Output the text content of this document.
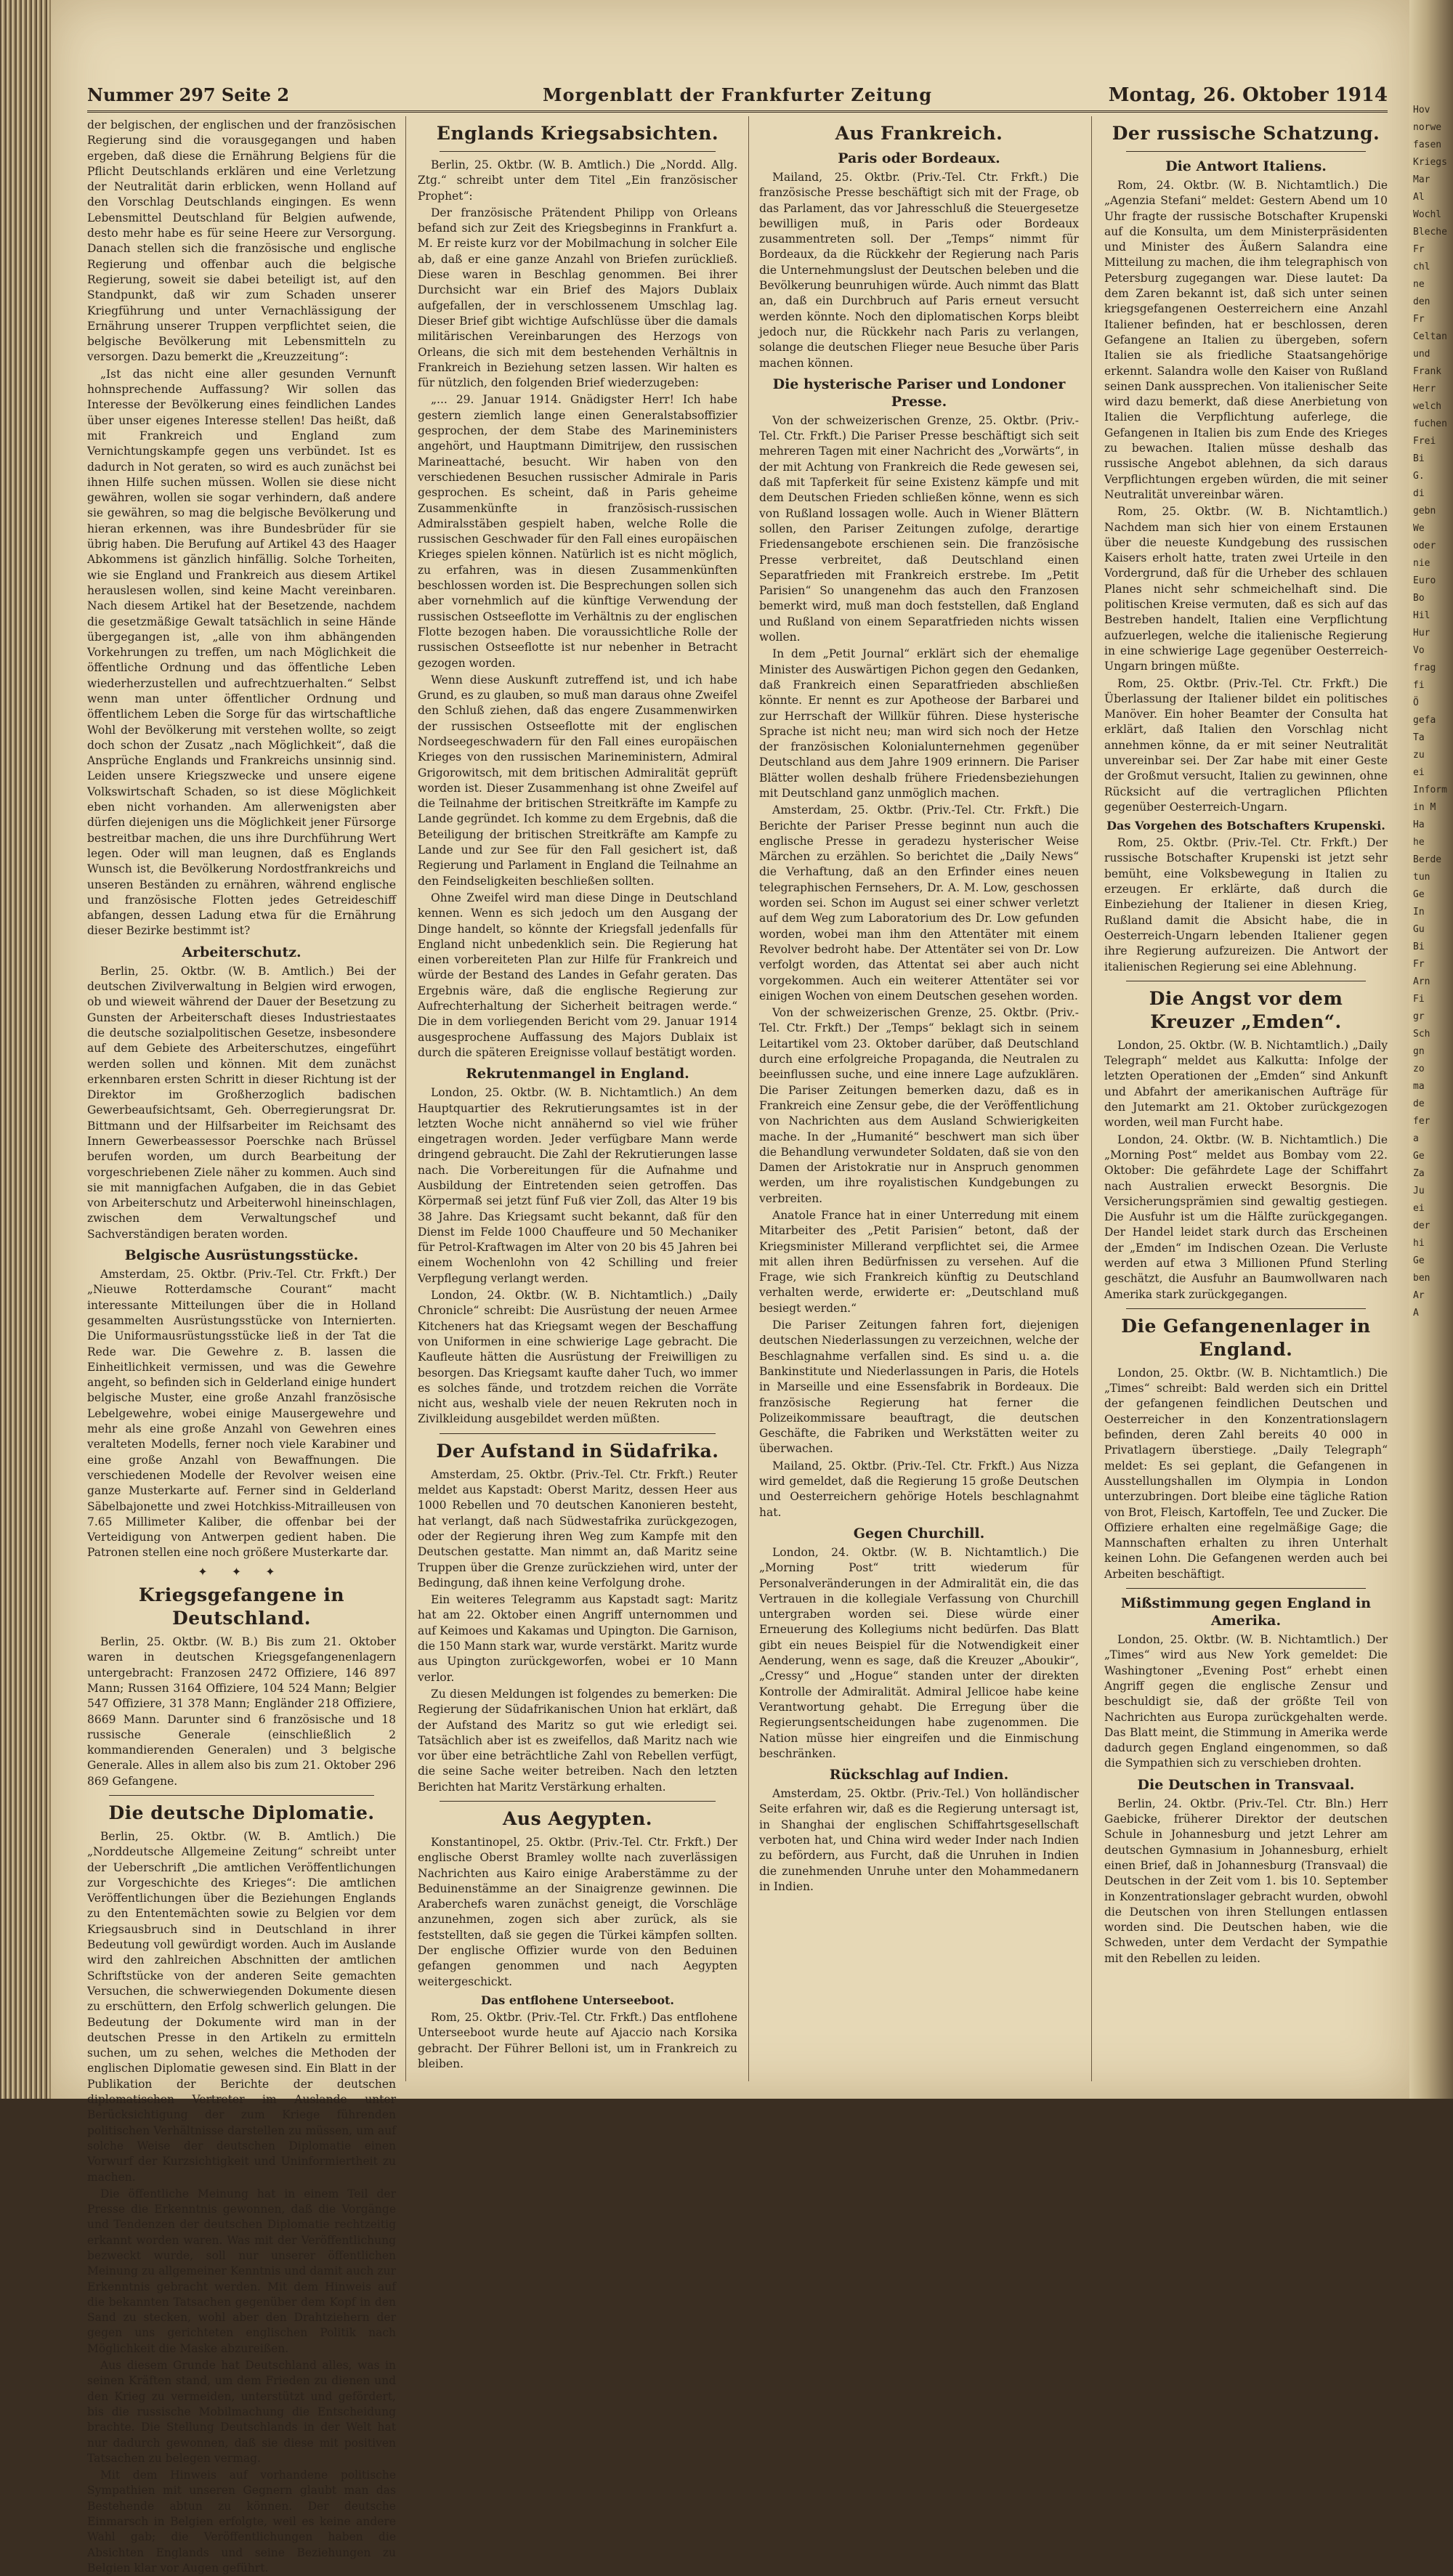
Nummer 297 Seite 2	Morgenblatt der Frankfurter Zeitung	Montag, 26. Oktober 1914

der belgischen, der englischen und der französischen Regierung sind die vorausgegangen und haben ergeben, daß diese die Ernährung Belgiens für die Pflicht Deutschlands erklären und eine Verletzung der Neutralität darin erblicken, wenn Holland auf den Vorschlag Deutschlands eingingen. Es wenn Lebensmittel Deutschland für Belgien aufwende, desto mehr habe es für seine Heere zur Versorgung. Danach stellen sich die französische und englische Regierung und offenbar auch die belgische Regierung, soweit sie dabei beteiligt ist, auf den Standpunkt, daß wir zum Schaden unserer Kriegführung und unter Vernachlässigung der Ernährung unserer Truppen verpflichtet seien, die belgische Bevölkerung mit Lebensmitteln zu versorgen. Dazu bemerkt die „Kreuzzeitung“:

„Ist das nicht eine aller gesunden Vernunft hohnsprechende Auffassung? Wir sollen das Interesse der Bevölkerung eines feindlichen Landes über unser eigenes Interesse stellen! Das heißt, daß mit Frankreich und England zum Vernichtungskampfe gegen uns verbündet. Ist es dadurch in Not geraten, so wird es auch zunächst bei ihnen Hilfe suchen müssen. Wollen sie diese nicht gewähren, wollen sie sogar verhindern, daß andere sie gewähren, so mag die belgische Bevölkerung und hieran erkennen, was ihre Bundesbrüder für sie übrig haben. Die Berufung auf Artikel 43 des Haager Abkommens ist gänzlich hinfällig. Solche Torheiten, wie sie England und Frankreich aus diesem Artikel herauslesen wollen, sind keine Macht vereinbaren. Nach diesem Artikel hat der Besetzende, nachdem die gesetzmäßige Gewalt tatsächlich in seine Hände übergegangen ist, „alle von ihm abhängenden Vorkehrungen zu treffen, um nach Möglichkeit die öffentliche Ordnung und das öffentliche Leben wiederherzustellen und aufrechtzuerhalten.“ Selbst wenn man unter öffentlicher Ordnung und öffentlichem Leben die Sorge für das wirtschaftliche Wohl der Bevölkerung mit verstehen wollte, so zeigt doch schon der Zusatz „nach Möglichkeit“, daß die Ansprüche Englands und Frankreichs unsinnig sind. Leiden unsere Kriegszwecke und unsere eigene Volkswirtschaft Schaden, so ist diese Möglichkeit eben nicht vorhanden. Am allerwenigsten aber dürfen diejenigen uns die Möglichkeit jener Fürsorge bestreitbar machen, die uns ihre Durchführung Wert legen. Oder will man leugnen, daß es Englands Wunsch ist, die Bevölkerung Nordostfrankreichs und unseren Beständen zu ernähren, während englische und französische Flotten jedes Getreideschiff abfangen, dessen Ladung etwa für die Ernährung dieser Bezirke bestimmt ist?

Arbeiterschutz.

Berlin, 25. Oktbr. (W. B. Amtlich.) Bei der deutschen Zivilverwaltung in Belgien wird erwogen, ob und wieweit während der Dauer der Besetzung zu Gunsten der Arbeiterschaft dieses Industriestaates die deutsche sozialpolitischen Gesetze, insbesondere auf dem Gebiete des Arbeiterschutzes, eingeführt werden sollen und können. Mit dem zunächst erkennbaren ersten Schritt in dieser Richtung ist der Direktor im Großherzoglich badischen Gewerbeaufsichtsamt, Geh. Oberregierungsrat Dr. Bittmann und der Hilfsarbeiter im Reichsamt des Innern Gewerbeassessor Poerschke nach Brüssel berufen worden, um durch Bearbeitung der vorgeschriebenen Ziele näher zu kommen. Auch sind sie mit mannigfachen Aufgaben, die in das Gebiet von Arbeiterschutz und Arbeiterwohl hineinschlagen, zwischen dem Verwaltungschef und Sachverständigen beraten worden.

Belgische Ausrüstungsstücke.

Amsterdam, 25. Oktbr. (Priv.-Tel. Ctr. Frkft.) Der „Nieuwe Rotterdamsche Courant“ macht interessante Mitteilungen über die in Holland gesammelten Ausrüstungsstücke von Internierten. Die Uniformausrüstungsstücke ließ in der Tat die Rede war. Die Gewehre z. B. lassen die Einheitlichkeit vermissen, und was die Gewehre angeht, so befinden sich in Gelderland einige hundert belgische Muster, eine große Anzahl französische Lebelgewehre, wobei einige Mausergewehre und mehr als eine große Anzahl von Gewehren eines veralteten Modells, ferner noch viele Karabiner und eine große Anzahl von Bewaffnungen. Die verschiedenen Modelle der Revolver weisen eine ganze Musterkarte auf. Ferner sind in Gelderland Säbelbajonette und zwei Hotchkiss-Mitrailleusen von 7.65 Millimeter Kaliber, die offenbar bei der Verteidigung von Antwerpen gedient haben. Die Patronen stellen eine noch größere Musterkarte dar.

✦ ✦ ✦
Kriegsgefangene in Deutschland.

Berlin, 25. Oktbr. (W. B.) Bis zum 21. Oktober waren in deutschen Kriegsgefangenenlagern untergebracht: Franzosen 2472 Offiziere, 146 897 Mann; Russen 3164 Offiziere, 104 524 Mann; Belgier 547 Offiziere, 31 378 Mann; Engländer 218 Offiziere, 8669 Mann. Darunter sind 6 französische und 18 russische Generale (einschließlich 2 kommandierenden Generalen) und 3 belgische Generale. Alles in allem also bis zum 21. Oktober 296 869 Gefangene.

Die deutsche Diplomatie.

Berlin, 25. Oktbr. (W. B. Amtlich.) Die „Norddeutsche Allgemeine Zeitung“ schreibt unter der Ueberschrift „Die amtlichen Veröffentlichungen zur Vorgeschichte des Krieges“: Die amtlichen Veröffentlichungen über die Beziehungen Englands zu den Ententemächten sowie zu Belgien vor dem Kriegsausbruch sind in Deutschland in ihrer Bedeutung voll gewürdigt worden. Auch im Auslande wird den zahlreichen Abschnitten der amtlichen Schriftstücke von der anderen Seite gemachten Versuchen, die schwerwiegenden Dokumente diesen zu erschüttern, den Erfolg schwerlich gelungen. Die Bedeutung der Dokumente wird man in der deutschen Presse in den Artikeln zu ermitteln suchen, um zu sehen, welches die Methoden der englischen Diplomatie gewesen sind. Ein Blatt in der Publikation der Berichte der deutschen diplomatischen Vertreter im Auslande unter Berücksichtigung der zum Kriege führenden politischen Verhältnisse darstellen zu müssen, um auf solche Weise der deutschen Diplomatie einen Vorwurf der Kurzsichtigkeit und Uninformiertheit zu machen.

Die öffentliche Meinung hat in einem Teil der Presse die Erkenntnis gewonnen, daß die Vorgänge und Tendenzen der deutschen Diplomatie rechtzeitig erkannt worden waren. Was mit der Veröffentlichung bezweckt wurde, soll nur unserer öffentlichen Meinung zu allgemeiner Kenntnis und damit auch zur Erkenntnis gebracht werden. Mit dem Hinweis auf die bekannten Tatsachen gegenüber dem Kopf in den Sand zu stecken, wohl aber den Drahtziehern der gegen uns gerichteten englischen Politik nach Möglichkeit die Maske abzureißen.

Aus diesem Grunde hat Deutschland alles, was in seinen Kräften stand, um dem Frieden zu dienen und den Krieg zu vermeiden, unterstützt und gefördert, bis die russische Mobilmachung die Entscheidung brachte. Die Stellung Deutschlands in der Welt hat nur dadurch gewonnen, daß sie diese mit positiven Tatsachen zu belegen vermag.

Mit dem Hinweis auf vorhandene politische Sympathien mit unseren Gegnern glaubt man das Bestehende abtun zu können. Der deutsche Einmarsch in Belgien erfolgte, weil es keine andere Wahl gab; die Veröffentlichungen haben die Absichten Englands und seine Beziehungen zu Belgien klar vor Augen geführt.

Englands Kriegsabsichten.

Berlin, 25. Oktbr. (W. B. Amtlich.) Die „Nordd. Allg. Ztg.“ schreibt unter dem Titel „Ein französischer Prophet“:

Der französische Prätendent Philipp von Orleans befand sich zur Zeit des Kriegsbeginns in Frankfurt a. M. Er reiste kurz vor der Mobilmachung in solcher Eile ab, daß er eine ganze Anzahl von Briefen zurückließ. Diese waren in Beschlag genommen. Bei ihrer Durchsicht war ein Brief des Majors Dublaix aufgefallen, der in verschlossenem Umschlag lag. Dieser Brief gibt wichtige Aufschlüsse über die damals militärischen Vereinbarungen des Herzogs von Orleans, die sich mit dem bestehenden Verhältnis in Frankreich in Beziehung setzen lassen. Wir halten es für nützlich, den folgenden Brief wiederzugeben:

„... 29. Januar 1914. Gnädigster Herr! Ich habe gestern ziemlich lange einen Generalstabsoffizier gesprochen, der dem Stabe des Marineministers angehört, und Hauptmann Dimitrijew, den russischen Marineattaché, besucht. Wir haben von den verschiedenen Besuchen russischer Admirale in Paris gesprochen. Es scheint, daß in Paris geheime Zusammenkünfte in französisch-russischen Admiralsstäben gespielt haben, welche Rolle die russischen Geschwader für den Fall eines europäischen Krieges spielen können. Natürlich ist es nicht möglich, zu erfahren, was in diesen Zusammenkünften beschlossen worden ist. Die Besprechungen sollen sich aber vornehmlich auf die künftige Verwendung der russischen Ostseeflotte im Verhältnis zu der englischen Flotte bezogen haben. Die voraussichtliche Rolle der russischen Ostseeflotte ist nur nebenher in Betracht gezogen worden.

Wenn diese Auskunft zutreffend ist, und ich habe Grund, es zu glauben, so muß man daraus ohne Zweifel den Schluß ziehen, daß das engere Zusammenwirken der russischen Ostseeflotte mit der englischen Nordseegeschwadern für den Fall eines europäischen Krieges von den russischen Marineministern, Admiral Grigorowitsch, mit dem britischen Admiralität geprüft worden ist. Dieser Zusammenhang ist ohne Zweifel auf die Teilnahme der britischen Streitkräfte im Kampfe zu Lande gegründet. Ich komme zu dem Ergebnis, daß die Beteiligung der britischen Streitkräfte am Kampfe zu Lande und zur See für den Fall gesichert ist, daß Regierung und Parlament in England die Teilnahme an den Feindseligkeiten beschließen sollten.

Ohne Zweifel wird man diese Dinge in Deutschland kennen. Wenn es sich jedoch um den Ausgang der Dinge handelt, so könnte der Kriegsfall jedenfalls für England nicht unbedenklich sein. Die Regierung hat einen vorbereiteten Plan zur Hilfe für Frankreich und würde der Bestand des Landes in Gefahr geraten. Das Ergebnis wäre, daß die englische Regierung zur Aufrechterhaltung der Sicherheit beitragen werde.“ Die in dem vorliegenden Bericht vom 29. Januar 1914 ausgesprochene Auffassung des Majors Dublaix ist durch die späteren Ereignisse vollauf bestätigt worden.

Rekrutenmangel in England.

London, 25. Oktbr. (W. B. Nichtamtlich.) An dem Hauptquartier des Rekrutierungsamtes ist in der letzten Woche nicht annähernd so viel wie früher eingetragen worden. Jeder verfügbare Mann werde dringend gebraucht. Die Zahl der Rekrutierungen lasse nach. Die Vorbereitungen für die Aufnahme und Ausbildung der Eintretenden seien getroffen. Das Körpermaß sei jetzt fünf Fuß vier Zoll, das Alter 19 bis 38 Jahre. Das Kriegsamt sucht bekannt, daß für den Dienst im Felde 1000 Chauffeure und 50 Mechaniker für Petrol-Kraftwagen im Alter von 20 bis 45 Jahren bei einem Wochenlohn von 42 Schilling und freier Verpflegung verlangt werden.

London, 24. Oktbr. (W. B. Nichtamtlich.) „Daily Chronicle“ schreibt: Die Ausrüstung der neuen Armee Kitcheners hat das Kriegsamt wegen der Beschaffung von Uniformen in eine schwierige Lage gebracht. Die Kaufleute hätten die Ausrüstung der Freiwilligen zu besorgen. Das Kriegsamt kaufte daher Tuch, wo immer es solches fände, und trotzdem reichen die Vorräte nicht aus, weshalb viele der neuen Rekruten noch in Zivilkleidung ausgebildet werden müßten.

Der Aufstand in Südafrika.

Amsterdam, 25. Oktbr. (Priv.-Tel. Ctr. Frkft.) Reuter meldet aus Kapstadt: Oberst Maritz, dessen Heer aus 1000 Rebellen und 70 deutschen Kanonieren besteht, hat verlangt, daß nach Südwestafrika zurückgezogen, oder der Regierung ihren Weg zum Kampfe mit den Deutschen gestatte. Man nimmt an, daß Maritz seine Truppen über die Grenze zurückziehen wird, unter der Bedingung, daß ihnen keine Verfolgung drohe.

Ein weiteres Telegramm aus Kapstadt sagt: Maritz hat am 22. Oktober einen Angriff unternommen und auf Keimoes und Kakamas und Upington. Die Garnison, die 150 Mann stark war, wurde verstärkt. Maritz wurde aus Upington zurückgeworfen, wobei er 10 Mann verlor.

Zu diesen Meldungen ist folgendes zu bemerken: Die Regierung der Südafrikanischen Union hat erklärt, daß der Aufstand des Maritz so gut wie erledigt sei. Tatsächlich aber ist es zweifellos, daß Maritz nach wie vor über eine beträchtliche Zahl von Rebellen verfügt, die seine Sache weiter betreiben. Nach den letzten Berichten hat Maritz Verstärkung erhalten.

Aus Aegypten.

Konstantinopel, 25. Oktbr. (Priv.-Tel. Ctr. Frkft.) Der englische Oberst Bramley wollte nach zuverlässigen Nachrichten aus Kairo einige Araberstämme zu der Beduinenstämme an der Sinaigrenze gewinnen. Die Araberchefs waren zunächst geneigt, die Vorschläge anzunehmen, zogen sich aber zurück, als sie feststellten, daß sie gegen die Türkei kämpfen sollten. Der englische Offizier wurde von den Beduinen gefangen genommen und nach Aegypten weitergeschickt.

Das entflohene Unterseeboot.

Rom, 25. Oktbr. (Priv.-Tel. Ctr. Frkft.) Das entflohene Unterseeboot wurde heute auf Ajaccio nach Korsika gebracht. Der Führer Belloni ist, um in Frankreich zu bleiben.

Aus Frankreich.
Paris oder Bordeaux.

Mailand, 25. Oktbr. (Priv.-Tel. Ctr. Frkft.) Die französische Presse beschäftigt sich mit der Frage, ob das Parlament, das vor Jahresschluß die Steuergesetze bewilligen muß, in Paris oder Bordeaux zusammentreten soll. Der „Temps“ nimmt für Bordeaux, da die Rückkehr der Regierung nach Paris die Unternehmungslust der Deutschen beleben und die Bevölkerung beunruhigen würde. Auch nimmt das Blatt an, daß ein Durchbruch auf Paris erneut versucht werden könnte. Noch den diplomatischen Korps bleibt jedoch nur, die Rückkehr nach Paris zu verlangen, solange die deutschen Flieger neue Besuche über Paris machen können.

Die hysterische Pariser und Londoner Presse.

Von der schweizerischen Grenze, 25. Oktbr. (Priv.-Tel. Ctr. Frkft.) Die Pariser Presse beschäftigt sich seit mehreren Tagen mit einer Nachricht des „Vorwärts“, in der mit Achtung von Frankreich die Rede gewesen sei, daß mit Tapferkeit für seine Existenz kämpfe und mit dem Deutschen Frieden schließen könne, wenn es sich von Rußland lossagen wolle. Auch in Wiener Blättern sollen, den Pariser Zeitungen zufolge, derartige Friedensangebote erschienen sein. Die französische Presse verbreitet, daß Deutschland einen Separatfrieden mit Frankreich erstrebe. Im „Petit Parisien“ So unangenehm das auch den Franzosen bemerkt wird, muß man doch feststellen, daß England und Rußland von einem Separatfrieden nichts wissen wollen.

In dem „Petit Journal“ erklärt sich der ehemalige Minister des Auswärtigen Pichon gegen den Gedanken, daß Frankreich einen Separatfrieden abschließen könnte. Er nennt es zur Apotheose der Barbarei und zur Herrschaft der Willkür führen. Diese hysterische Sprache ist nicht neu; man wird sich noch der Hetze der französischen Kolonialunternehmen gegenüber Deutschland aus dem Jahre 1909 erinnern. Die Pariser Blätter wollen deshalb frühere Friedensbeziehungen mit Deutschland ganz unmöglich machen.

Amsterdam, 25. Oktbr. (Priv.-Tel. Ctr. Frkft.) Die Berichte der Pariser Presse beginnt nun auch die englische Presse in geradezu hysterischer Weise Märchen zu erzählen. So berichtet die „Daily News“ die Verhaftung, daß an den Erfinder eines neuen telegraphischen Fernsehers, Dr. A. M. Low, geschossen worden sei. Schon im August sei einer schwer verletzt auf dem Weg zum Laboratorium des Dr. Low gefunden worden, wobei man ihm den Attentäter mit einem Revolver bedroht habe. Der Attentäter sei von Dr. Low verfolgt worden, das Attentat sei aber auch nicht vorgekommen. Auch ein weiterer Attentäter sei vor einigen Wochen von einem Deutschen gesehen worden.

Von der schweizerischen Grenze, 25. Oktbr. (Priv.-Tel. Ctr. Frkft.) Der „Temps“ beklagt sich in seinem Leitartikel vom 23. Oktober darüber, daß Deutschland durch eine erfolgreiche Propaganda, die Neutralen zu beeinflussen suche, und eine innere Lage aufzuklären. Die Pariser Zeitungen bemerken dazu, daß es in Frankreich eine Zensur gebe, die der Veröffentlichung von Nachrichten aus dem Ausland Schwierigkeiten mache. In der „Humanité“ beschwert man sich über die Behandlung verwundeter Soldaten, daß sie von den Damen der Aristokratie nur in Anspruch genommen werden, um ihre royalistischen Kundgebungen zu verbreiten.

Anatole France hat in einer Unterredung mit einem Mitarbeiter des „Petit Parisien“ betont, daß der Kriegsminister Millerand verpflichtet sei, die Armee mit allen ihren Bedürfnissen zu versehen. Auf die Frage, wie sich Frankreich künftig zu Deutschland verhalten werde, erwiderte er: „Deutschland muß besiegt werden.“

Die Pariser Zeitungen fahren fort, diejenigen deutschen Niederlassungen zu verzeichnen, welche der Beschlagnahme verfallen sind. Es sind u. a. die Bankinstitute und Niederlassungen in Paris, die Hotels in Marseille und eine Essensfabrik in Bordeaux. Die französische Regierung hat ferner die Polizeikommissare beauftragt, die deutschen Geschäfte, die Fabriken und Werkstätten weiter zu überwachen.

Mailand, 25. Oktbr. (Priv.-Tel. Ctr. Frkft.) Aus Nizza wird gemeldet, daß die Regierung 15 große Deutschen und Oesterreichern gehörige Hotels beschlagnahmt hat.

Gegen Churchill.

London, 24. Oktbr. (W. B. Nichtamtlich.) Die „Morning Post“ tritt wiederum für Personalveränderungen in der Admiralität ein, die das Vertrauen in die kollegiale Verfassung von Churchill untergraben worden sei. Diese würde einer Erneuerung des Kollegiums nicht bedürfen. Das Blatt gibt ein neues Beispiel für die Notwendigkeit einer Aenderung, wenn es sage, daß die Kreuzer „Aboukir“, „Cressy“ und „Hogue“ standen unter der direkten Kontrolle der Admiralität. Admiral Jellicoe habe keine Verantwortung gehabt. Die Erregung über die Regierungsentscheidungen habe zugenommen. Die Nation müsse hier eingreifen und die Einmischung beschränken.

Rückschlag auf Indien.

Amsterdam, 25. Oktbr. (Priv.-Tel.) Von holländischer Seite erfahren wir, daß es die Regierung untersagt ist, in Shanghai der englischen Schiffahrtsgesellschaft verboten hat, und China wird weder Inder nach Indien zu befördern, aus Furcht, daß die Unruhen in Indien die zunehmenden Unruhe unter den Mohammedanern in Indien.

Der russische Schatzung.
Die Antwort Italiens.

Rom, 24. Oktbr. (W. B. Nichtamtlich.) Die „Agenzia Stefani“ meldet: Gestern Abend um 10 Uhr fragte der russische Botschafter Krupenski auf die Konsulta, um dem Ministerpräsidenten und Minister des Äußern Salandra eine Mitteilung zu machen, die ihm telegraphisch von Petersburg zugegangen war. Diese lautet: Da dem Zaren bekannt ist, daß sich unter seinen kriegsgefangenen Oesterreichern eine Anzahl Italiener befinden, hat er beschlossen, deren Gefangene an Italien zu übergeben, sofern Italien sie als friedliche Staatsangehörige erkennt. Salandra wolle den Kaiser von Rußland seinen Dank aussprechen. Von italienischer Seite wird dazu bemerkt, daß diese Anerbietung von Italien die Verpflichtung auferlege, die Gefangenen in Italien bis zum Ende des Krieges zu bewachen. Italien müsse deshalb das russische Angebot ablehnen, da sich daraus Verpflichtungen ergeben würden, die mit seiner Neutralität unvereinbar wären.

Rom, 25. Oktbr. (W. B. Nichtamtlich.) Nachdem man sich hier von einem Erstaunen über die neueste Kundgebung des russischen Kaisers erholt hatte, traten zwei Urteile in den Vordergrund, daß für die Urheber des schlauen Planes nicht sehr schmeichelhaft sind. Die politischen Kreise vermuten, daß es sich auf das Bestreben handelt, Italien eine Verpflichtung aufzuerlegen, welche die italienische Regierung in eine schwierige Lage gegenüber Oesterreich-Ungarn bringen müßte.

Rom, 25. Oktbr. (Priv.-Tel. Ctr. Frkft.) Die Überlassung der Italiener bildet ein politisches Manöver. Ein hoher Beamter der Consulta hat erklärt, daß Italien den Vorschlag nicht annehmen könne, da er mit seiner Neutralität unvereinbar sei. Der Zar habe mit einer Geste der Großmut versucht, Italien zu gewinnen, ohne Rücksicht auf die vertraglichen Pflichten gegenüber Oesterreich-Ungarn.

Das Vorgehen des Botschafters Krupenski.

Rom, 25. Oktbr. (Priv.-Tel. Ctr. Frkft.) Der russische Botschafter Krupenski ist jetzt sehr bemüht, eine Volksbewegung in Italien zu erzeugen. Er erklärte, daß durch die Einbeziehung der Italiener in diesen Krieg, Rußland damit die Absicht habe, die in Oesterreich-Ungarn lebenden Italiener gegen ihre Regierung aufzureizen. Die Antwort der italienischen Regierung sei eine Ablehnung.

Die Angst vor dem Kreuzer „Emden“.

London, 25. Oktbr. (W. B. Nichtamtlich.) „Daily Telegraph“ meldet aus Kalkutta: Infolge der letzten Operationen der „Emden“ sind Ankunft und Abfahrt der amerikanischen Aufträge für den Jutemarkt am 21. Oktober zurückgezogen worden, weil man Furcht habe.

London, 24. Oktbr. (W. B. Nichtamtlich.) Die „Morning Post“ meldet aus Bombay vom 22. Oktober: Die gefährdete Lage der Schiffahrt nach Australien erweckt Besorgnis. Die Versicherungsprämien sind gewaltig gestiegen. Die Ausfuhr ist um die Hälfte zurückgegangen. Der Handel leidet stark durch das Erscheinen der „Emden“ im Indischen Ozean. Die Verluste werden auf etwa 3 Millionen Pfund Sterling geschätzt, die Ausfuhr an Baumwollwaren nach Amerika stark zurückgegangen.

Die Gefangenenlager in England.

London, 25. Oktbr. (W. B. Nichtamtlich.) Die „Times“ schreibt: Bald werden sich ein Drittel der gefangenen feindlichen Deutschen und Oesterreicher in den Konzentrationslagern befinden, deren Zahl bereits 40 000 in Privatlagern überstiege. „Daily Telegraph“ meldet: Es sei geplant, die Gefangenen in Ausstellungshallen im Olympia in London unterzubringen. Dort bleibe eine tägliche Ration von Brot, Fleisch, Kartoffeln, Tee und Zucker. Die Offiziere erhalten eine regelmäßige Gage; die Mannschaften erhalten zu ihren Unterhalt keinen Lohn. Die Gefangenen werden auch bei Arbeiten beschäftigt.

Mißstimmung gegen England in Amerika.

London, 25. Oktbr. (W. B. Nichtamtlich.) Der „Times“ wird aus New York gemeldet: Die Washingtoner „Evening Post“ erhebt einen Angriff gegen die englische Zensur und beschuldigt sie, daß der größte Teil von Nachrichten aus Europa zurückgehalten werde. Das Blatt meint, die Stimmung in Amerika werde dadurch gegen England eingenommen, so daß die Sympathien sich zu verschieben drohten.

Die Deutschen in Transvaal.

Berlin, 24. Oktbr. (Priv.-Tel. Ctr. Bln.) Herr Gaebicke, früherer Direktor der deutschen Schule in Johannesburg und jetzt Lehrer am deutschen Gymnasium in Johannesburg, erhielt einen Brief, daß in Johannesburg (Transvaal) die Deutschen in der Zeit vom 1. bis 10. September in Konzentrationslager gebracht wurden, obwohl die Deutschen von ihren Stellungen entlassen worden sind. Die Deutschen haben, wie die Schweden, unter dem Verdacht der Sympathie mit den Rebellen zu leiden.

Hov
norwe
fasen
Kriegs
Mar
Al
Wochl
Bleche
Fr
chl
ne
den
Fr
Celtan
und
Frank
Herr
welch
fuchen
Frei
Bi
G.
di
gebn
We
oder
nie
Euro
Bo
Hil
Hur
Vo
frag
fi
Ö
gefa
Ta
zu
ei
Inform
in M
Ha
he
Berde
tun
Ge
In
Gu
Bi
Fr
Arn
Fi
gr
Sch
gn
zo
ma
de
fer
a
Ge
Za
Ju
ei
der
hi
Ge
ben
Ar
A
